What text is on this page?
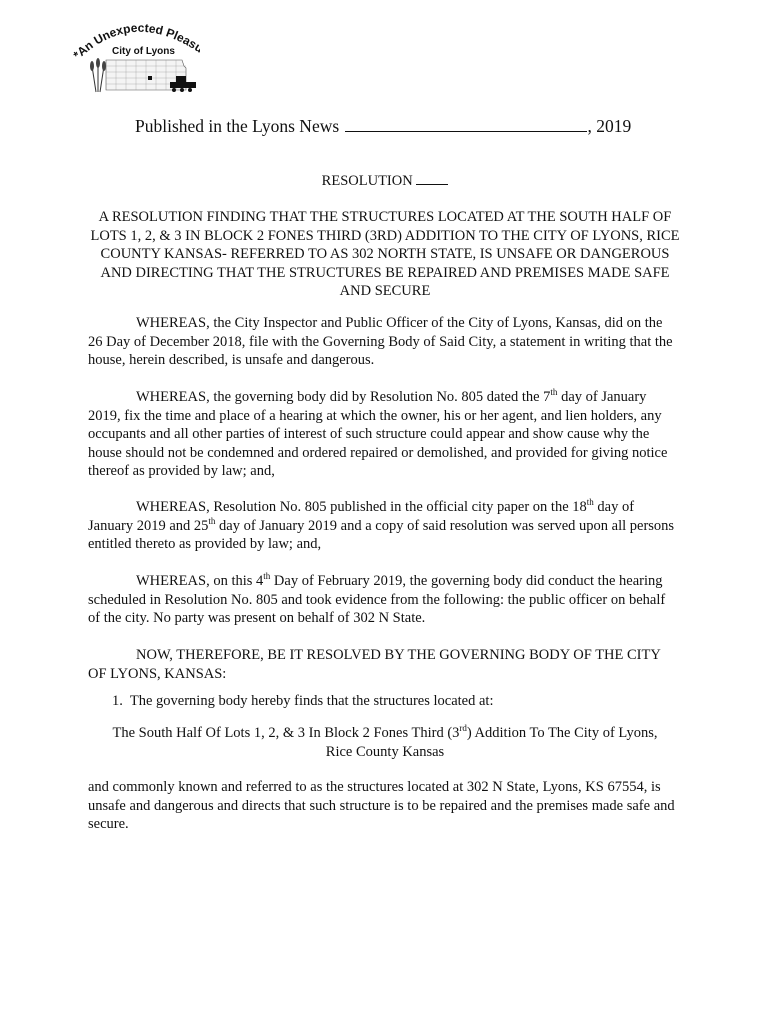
An Unexpected Pleas
City of Lyons
Published in the Lyons News	, 2019
RESOLUTION
A RESOLUTION FINDING THAT THE STRUCTURES LOCATED AT THE SOUTH HALF OF LOTS 1, 2, & 3 IN BLOCK 2 FONES THIRD (3RD) ADDITION TO THE CITY OF LYONS, RICE COUNTY KANSAS- REFERRED TO AS 302 NORTH STATE, IS UNSAFE OR DANGEROUS AND DIRECTING THAT THE STRUCTURES BE REPAIRED AND PREMISES MADE SAFE AND SECURE
WHEREAS, the City Inspector and Public Officer of the City of Lyons, Kansas, did on the 26 Day of December 2018, file with the Governing Body of Said City, a statement in writing that the house, herein described, is unsafe and dangerous.
WHEREAS, the governing body did by Resolution No. 805 dated the 7th day of January 2019, fix the time and place of a hearing at which the owner, his or her agent, and lien holders, any occupants and all other parties of interest of such structure could appear and show cause why the house should not be condemned and ordered repaired or demolished, and provided for giving notice thereof as provided by law; and,
WHEREAS, Resolution No. 805 published in the official city paper on the 18th day of January 2019 and 25th day of January 2019 and a copy of said resolution was served upon all persons entitled thereto as provided by law; and,
WHEREAS, on this 4th Day of February 2019, the governing body did conduct the hearing scheduled in Resolution No. 805 and took evidence from the following: the public officer on behalf of the city. No party was present on behalf of 302 N State.
NOW, THEREFORE, BE IT RESOLVED BY THE GOVERNING BODY OF THE CITY OF LYONS, KANSAS:
1. The governing body hereby finds that the structures located at:
The South Half Of Lots 1, 2, & 3 In Block 2 Fones Third (3rd) Addition To The City of Lyons,
Rice County Kansas
and commonly known and referred to as the structures located at 302 N State, Lyons, KS 67554, is unsafe and dangerous and directs that such structure is to be repaired and the premises made safe and secure.
